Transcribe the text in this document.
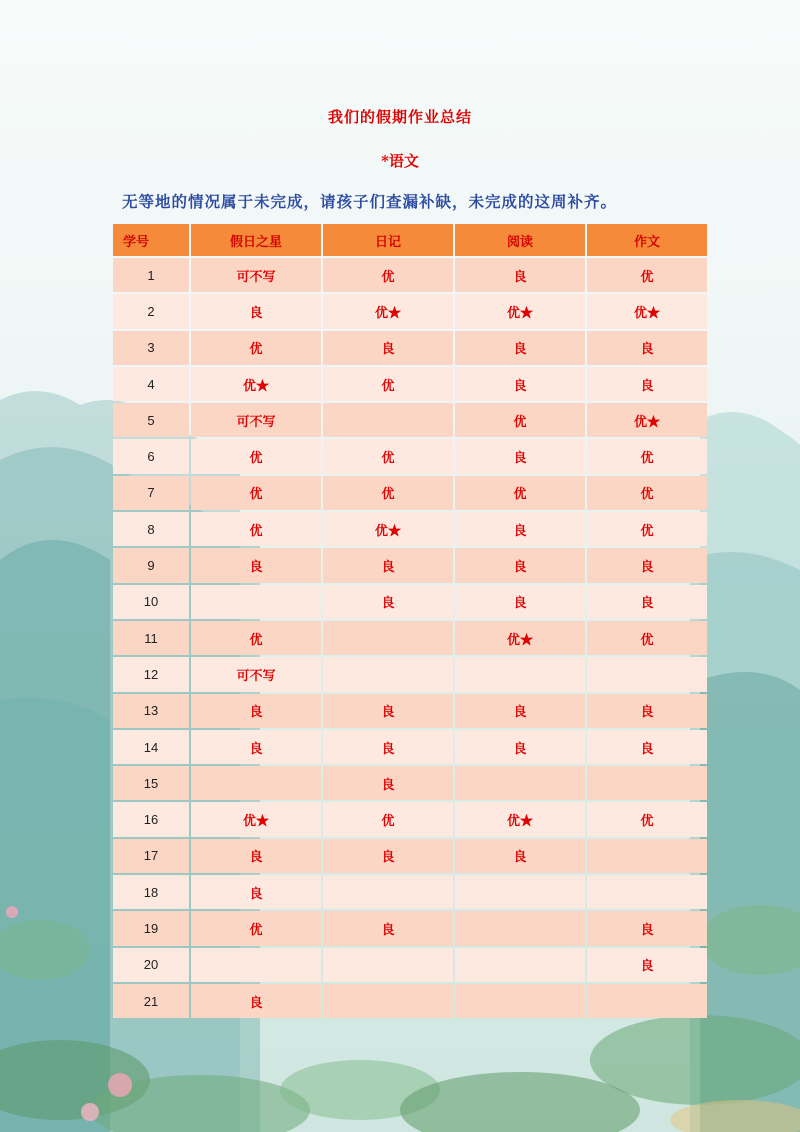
我们的假期作业总结
*语文
无等地的情况属于未完成，请孩子们查漏补缺，未完成的这周补齐。
学号	假日之星	日记	阅读	作文
1	可不写	优	良	优
2	良	优★	优★	优★
3	优	良	良	良
4	优★	优	良	良
5	可不写		优	优★
6	优	优	良	优
7	优	优	优	优
8	优	优★	良	优
9	良	良	良	良
10		良	良	良
11	优		优★	优
12	可不写			
13	良	良	良	良
14	良	良	良	良
15		良		
16	优★	优	优★	优
17	良	良	良	
18	良			
19	优	良		良
20				良
21	良			
